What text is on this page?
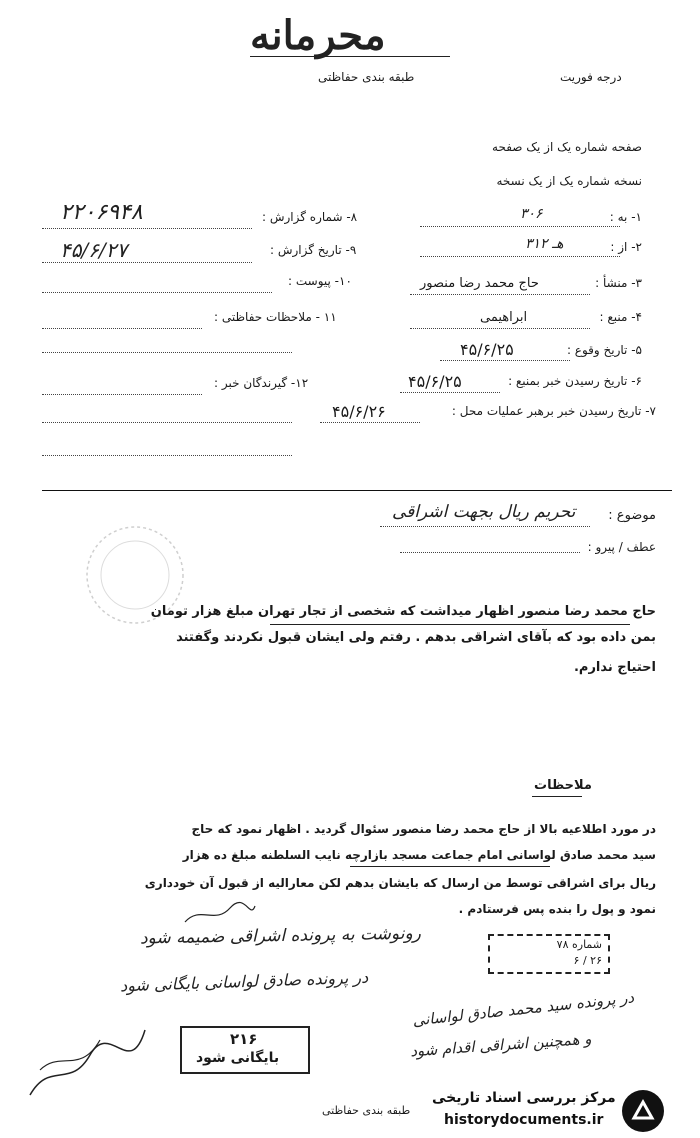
محرمانه
طبقه بندی حفاظتی	درجه فوریت
صفحه شماره یک از یک صفحه
نسخه شماره یک از یک نسخه
۸- شماره گزارش :
۲۲۰۶۹۴۸
۹- تاریخ گزارش :
۴۵/۶/۲۷
۱۰- پیوست :
۱۱ - ملاحظات حفاظتی :
۱۲- گیرندگان خبر :
۱- به :
۳۰۶
۲- از :
۳۱۲ هـ
۳- منشأ :
حاج محمد رضا منصور
۴- منبع :
ابراهیمی
۵- تاریخ وقوع :
۴۵/۶/۲۵
۶- تاریخ رسیدن خبر بمنبع :
۴۵/۶/۲۵
۷- تاریخ رسیدن خبر برهبر عملیات محل :
۴۵/۶/۲۶
موضوع :
تحریم ریال بجهت اشراقی
عطف / پیرو :
حاج محمد رضا منصور اظهار میداشت که شخصی از تجار تهران مبلغ هزار تومان
بمن داده بود که بآقای اشراقی بدهم . رفتم ولی ایشان قبول نکردند وگفتند
احتیاج ندارم.
ملاحظات
در مورد اطلاعیه بالا از حاج محمد رضا منصور سئوال گردید . اظهار نمود که حاج
سید محمد صادق لواسانی امام جماعت مسجد بازارچه نایب السلطنه مبلغ ده هزار
ریال برای اشراقی توسط من ارسال که بایشان بدهم لکن معارالیه از قبول آن خودداری
نمود و پول را بنده پس فرستادم .
رونوشت به پرونده اشراقی ضمیمه شود
در پرونده صادق لواسانی بایگانی شود
در پرونده سید محمد صادق لواسانی
و همچنین اشراقی اقدام شود
شماره ۷۸
۲۶ / ۶
۲۱۶
بایگانی شود
طبقه بندی حفاظتی
مرکز بررسی اسناد تاریخی
historydocuments.ir
